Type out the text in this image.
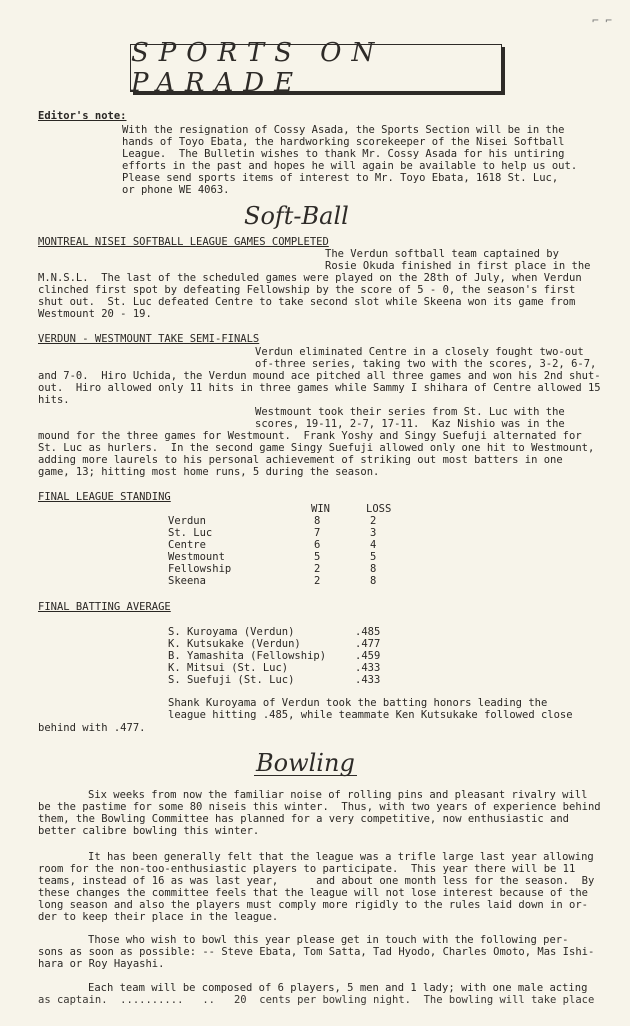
⌐ ⌐
SPORTS ON PARADE
Editor's note:
With the resignation of Cossy Asada, the Sports Section will be in the
hands of Toyo Ebata, the hardworking scorekeeper of the Nisei Softball
League.  The Bulletin wishes to thank Mr. Cossy Asada for his untiring
efforts in the past and hopes he will again be available to help us out.
Please send sports items of interest to Mr. Toyo Ebata, 1618 St. Luc,
or phone WE 4063.
Soft-Ball
MONTREAL NISEI SOFTBALL LEAGUE GAMES COMPLETED
The Verdun softball team captained by
Rosie Okuda finished in first place in the
M.N.S.L.  The last of the scheduled games were played on the 28th of July, when Verdun
clinched first spot by defeating Fellowship by the score of 5 - 0, the season's first
shut out.  St. Luc defeated Centre to take second slot while Skeena won its game from
Westmount 20 - 19.
VERDUN - WESTMOUNT TAKE SEMI-FINALS
Verdun eliminated Centre in a closely fought two-out
of-three series, taking two with the scores, 3-2, 6-7,
and 7-0.  Hiro Uchida, the Verdun mound ace pitched all three games and won his 2nd shut-
out.  Hiro allowed only 11 hits in three games while Sammy I shihara of Centre allowed 15
hits.
Westmount took their series from St. Luc with the
scores, 19-11, 2-7, 17-11.  Kaz Nishio was in the
mound for the three games for Westmount.  Frank Yoshy and Singy Suefuji alternated for
St. Luc as hurlers.  In the second game Singy Suefuji allowed only one hit to Westmount,
adding more laurels to his personal achievement of striking out most batters in one
game, 13; hitting most home runs, 5 during the season.
FINAL LEAGUE STANDING
WIN	LOSS
Verdun	8	2
St. Luc	7	3
Centre	6	4
Westmount	5	5
Fellowship	2	8
Skeena	2	8
FINAL BATTING AVERAGE
S. Kuroyama (Verdun)	.485
K. Kutsukake (Verdun)	.477
B. Yamashita (Fellowship)	.459
K. Mitsui (St. Luc)	.433
S. Suefuji (St. Luc)	.433
Shank Kuroyama of Verdun took the batting honors leading the
league hitting .485, while teammate Ken Kutsukake followed close
behind with .477.
Bowling
Six weeks from now the familiar noise of rolling pins and pleasant rivalry will
be the pastime for some 80 niseis this winter.  Thus, with two years of experience behind
them, the Bowling Committee has planned for a very competitive, now enthusiastic and
better calibre bowling this winter.
It has been generally felt that the league was a trifle large last year allowing
room for the non-too-enthusiastic players to participate.  This year there will be 11
teams, instead of 16 as was last year,      and about one month less for the season.  By
these changes the committee feels that the league will not lose interest because of the
long season and also the players must comply more rigidly to the rules laid down in or-
der to keep their place in the league.
Those who wish to bowl this year please get in touch with the following per-
sons as soon as possible: -- Steve Ebata, Tom Satta, Tad Hyodo, Charles Omoto, Mas Ishi-
hara or Roy Hayashi.
Each team will be composed of 6 players, 5 men and 1 lady; with one male acting
as captain.  ..........   ..   20  cents per bowling night.  The bowling will take place
